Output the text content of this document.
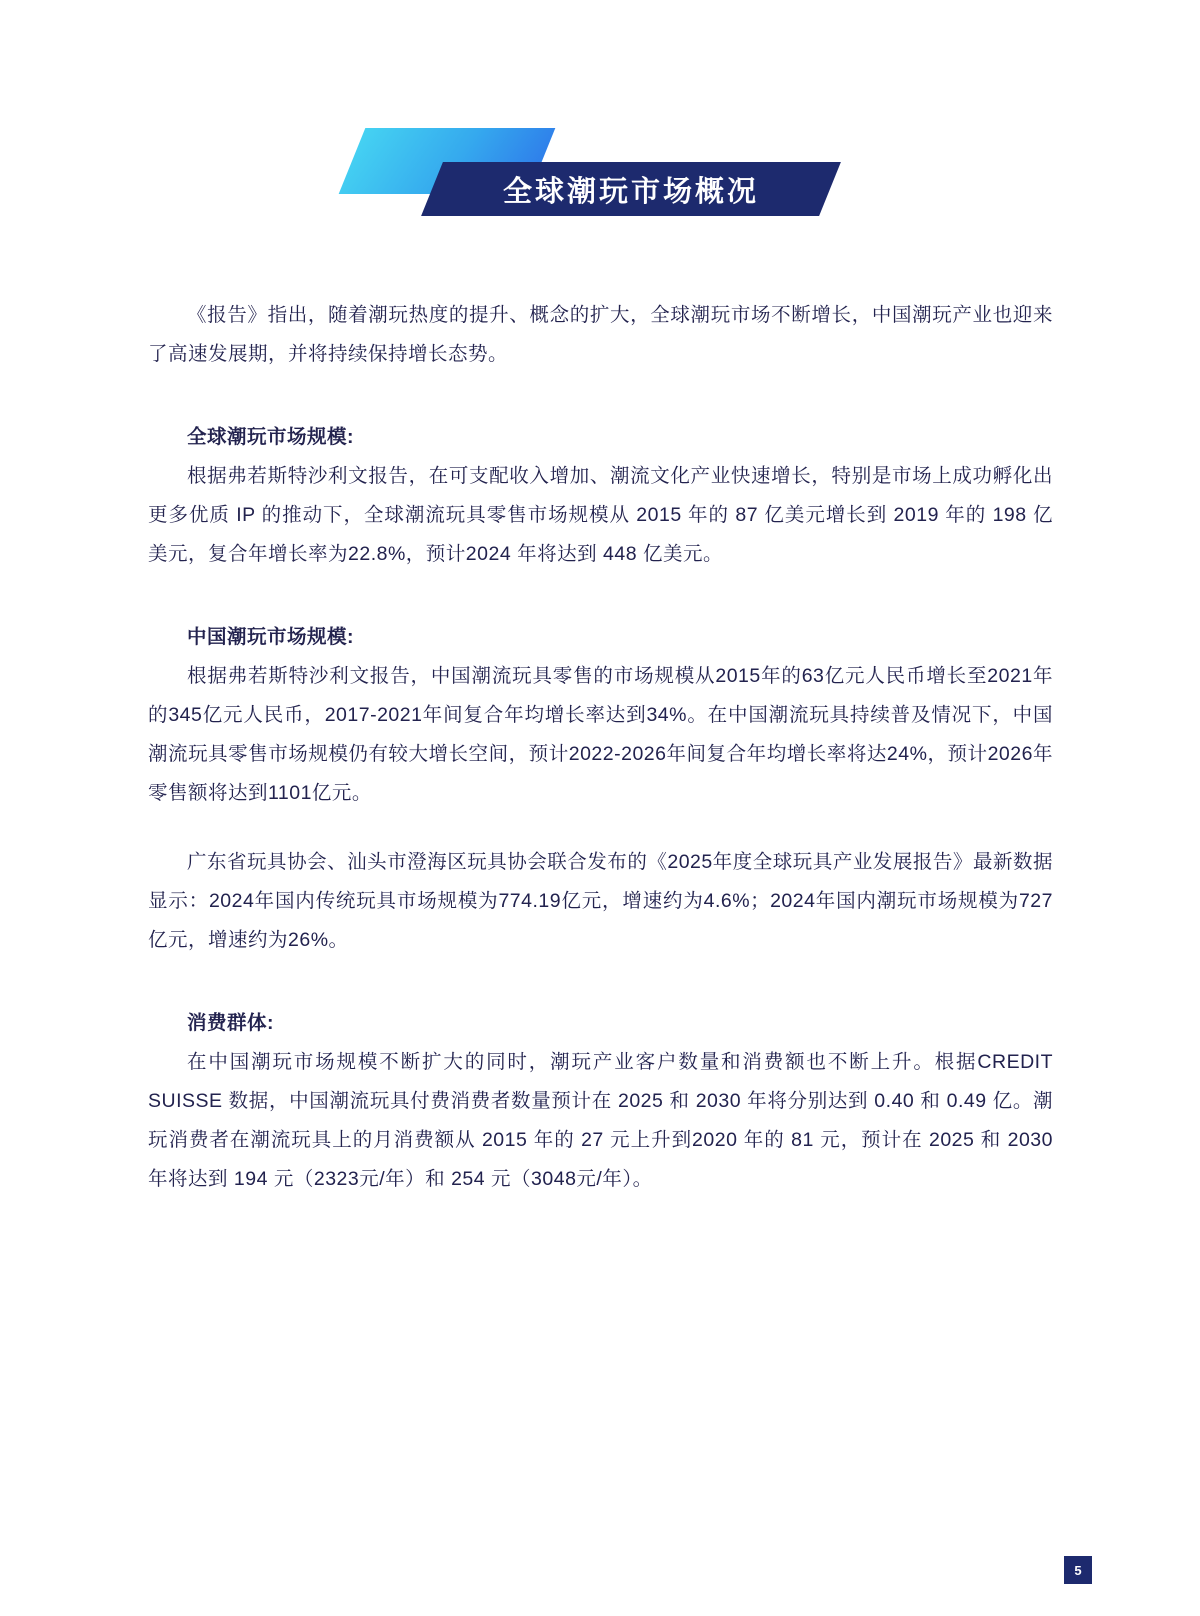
全球潮玩市场概况

《报告》指出，随着潮玩热度的提升、概念的扩大，全球潮玩市场不断增长，中国潮玩产业也迎来了高速发展期，并将持续保持增长态势。

全球潮玩市场规模:

根据弗若斯特沙利文报告，在可支配收入增加、潮流文化产业快速增长，特别是市场上成功孵化出更多优质 IP 的推动下，全球潮流玩具零售市场规模从 2015 年的 87 亿美元增长到 2019 年的 198 亿美元，复合年增长率为22.8%，预计2024 年将达到 448 亿美元。

中国潮玩市场规模:

根据弗若斯特沙利文报告，中国潮流玩具零售的市场规模从2015年的63亿元人民币增长至2021年的345亿元人民币，2017-2021年间复合年均增长率达到34%。在中国潮流玩具持续普及情况下，中国潮流玩具零售市场规模仍有较大增长空间，预计2022-2026年间复合年均增长率将达24%，预计2026年零售额将达到1101亿元。

广东省玩具协会、汕头市澄海区玩具协会联合发布的《2025年度全球玩具产业发展报告》最新数据显示：2024年国内传统玩具市场规模为774.19亿元，增速约为4.6%；2024年国内潮玩市场规模为727亿元，增速约为26%。

消费群体:

在中国潮玩市场规模不断扩大的同时，潮玩产业客户数量和消费额也不断上升。根据CREDIT SUISSE 数据，中国潮流玩具付费消费者数量预计在 2025 和 2030 年将分别达到 0.40 和 0.49 亿。潮玩消费者在潮流玩具上的月消费额从 2015 年的 27 元上升到2020 年的 81 元，预计在 2025 和 2030 年将达到 194 元（2323元/年）和 254 元（3048元/年）。

5
